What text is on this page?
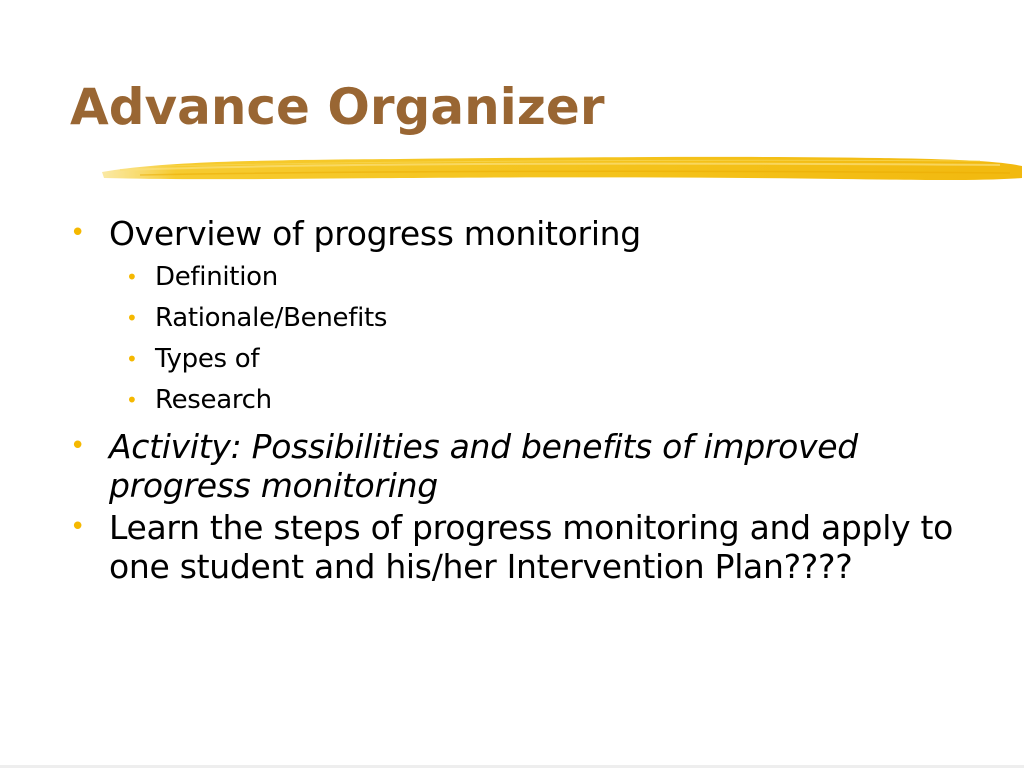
Advance Organizer
• Overview of progress monitoring
• Definition
• Rationale/Benefits
• Types of
• Research
• Activity: Possibilities and benefits of improved progress monitoring
• Learn the steps of progress monitoring and apply to one student and his/her Intervention Plan????
